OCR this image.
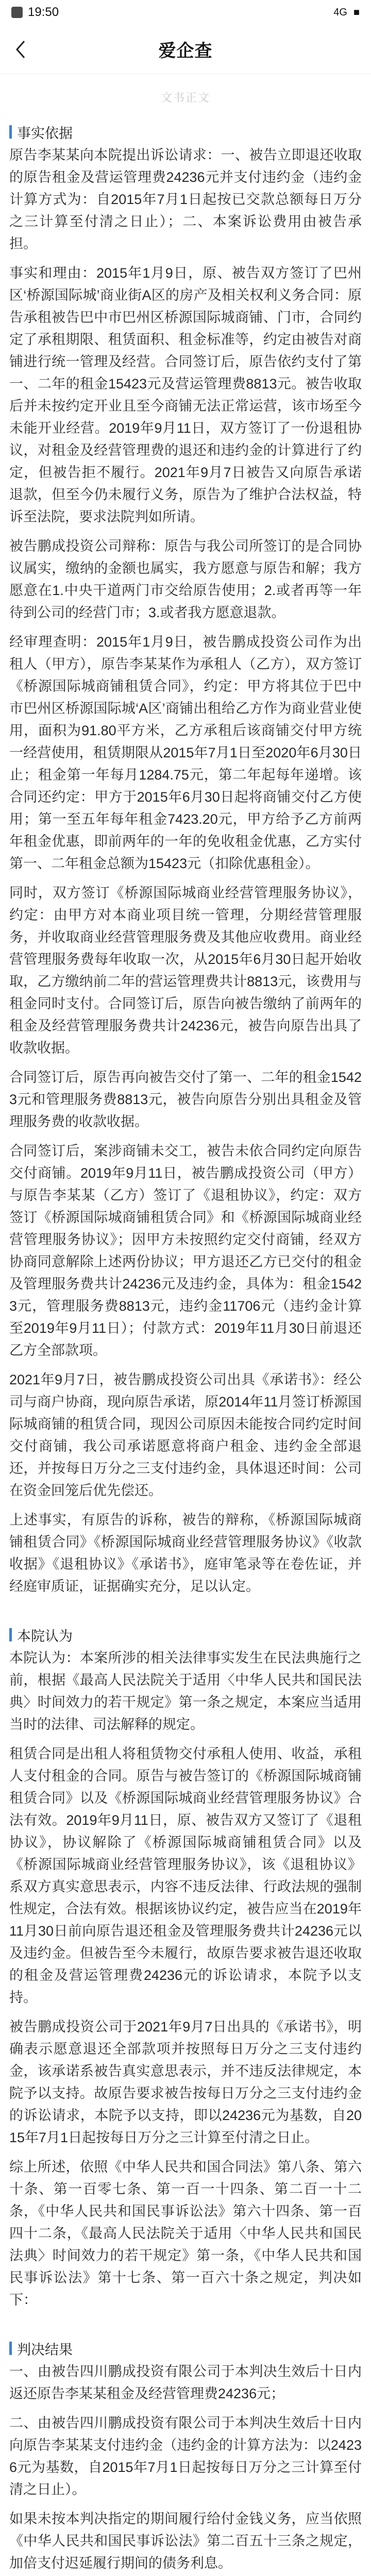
19:50	4G ■
爱企查
文书正文
事实依据

原告李某某向本院提出诉讼请求：一、被告立即退还收取的原告租金及营运管理费24236元并支付违约金（违约金计算方式为：自2015年7月1日起按已交款总额每日万分之三计算至付清之日止）；二、本案诉讼费用由被告承担。

事实和理由：2015年1月9日，原、被告双方签订了巴州区‘桥源国际城’商业街A区的房产及相关权利义务合同：原告承租被告巴中市巴州区桥源国际城商铺、门市，合同约定了承租期限、租赁面积、租金标准等，约定由被告对商铺进行统一管理及经营。合同签订后，原告依约支付了第一、二年的租金15423元及营运管理费8813元。被告收取后并未按约定开业且至今商铺无法正常运营，该市场至今未能开业经营。2019年9月11日，双方签订了一份退租协议，对租金及经营管理费的退还和违约金的计算进行了约定，但被告拒不履行。2021年9月7日被告又向原告承诺退款，但至今仍未履行义务，原告为了维护合法权益，特诉至法院，要求法院判如所请。

被告鹏成投资公司辩称：原告与我公司所签订的是合同协议属实，缴纳的金额也属实，我方愿意与原告和解；我方愿意在1.中央干道两门市交给原告使用；2.或者再等一年待到公司的经营门市；3.或者我方愿意退款。

经审理查明：2015年1月9日，被告鹏成投资公司作为出租人（甲方），原告李某某作为承租人（乙方），双方签订《桥源国际城商铺租赁合同》，约定：甲方将其位于巴中市巴州区桥源国际城‘A区’商铺出租给乙方作为商业营业使用，面积为91.80平方米，乙方承租后该商铺交付甲方统一经营使用，租赁期限从2015年7月1日至2020年6月30日止；租金第一年每月1284.75元，第二年起每年递增。该合同还约定：甲方于2015年6月30日起将商铺交付乙方使用；第一至五年每年租金7423.20元，甲方给予乙方前两年租金优惠，即前两年的一年的免收租金优惠，乙方实付第一、二年租金总额为15423元（扣除优惠租金）。

同时，双方签订《桥源国际城商业经营管理服务协议》，约定：由甲方对本商业项目统一管理，分期经营管理服务，并收取商业经营管理服务费及其他应收费用。商业经营管理服务费每年收取一次，从2015年6月30日起开始收取，乙方缴纳前二年的营运管理费共计8813元，该费用与租金同时支付。合同签订后，原告向被告缴纳了前两年的租金及经营管理服务费共计24236元，被告向原告出具了收款收据。

合同签订后，原告再向被告交付了第一、二年的租金15423元和管理服务费8813元，被告向原告分别出具租金及管理服务费的收款收据。

合同签订后，案涉商铺未交工，被告未依合同约定向原告交付商铺。2019年9月11日，被告鹏成投资公司（甲方）与原告李某某（乙方）签订了《退租协议》，约定：双方签订《桥源国际城商铺租赁合同》和《桥源国际城商业经营管理服务协议》；因甲方未按照约定交付商铺，经双方协商同意解除上述两份协议；甲方退还乙方已交付的租金及管理服务费共计24236元及违约金，具体为：租金15423元，管理服务费8813元，违约金11706元（违约金计算至2019年9月11日）；付款方式：2019年11月30日前退还乙方全部款项。

2021年9月7日，被告鹏成投资公司出具《承诺书》：经公司与商户协商，现向原告承诺，原2014年11月签订桥源国际城商铺的租赁合同，现因公司原因未能按合同约定时间交付商铺，我公司承诺愿意将商户租金、违约金全部退还，并按每日万分之三支付违约金，具体退还时间：公司在资金回笼后优先偿还。

上述事实，有原告的诉称，被告的辩称，《桥源国际城商铺租赁合同》《桥源国际城商业经营管理服务协议》《收款收据》《退租协议》《承诺书》，庭审笔录等在卷佐证，并经庭审质证，证据确实充分，足以认定。

本院认为

本院认为：本案所涉的相关法律事实发生在民法典施行之前，根据《最高人民法院关于适用〈中华人民共和国民法典〉时间效力的若干规定》第一条之规定，本案应当适用当时的法律、司法解释的规定。

租赁合同是出租人将租赁物交付承租人使用、收益，承租人支付租金的合同。原告与被告签订的《桥源国际城商铺租赁合同》以及《桥源国际城商业经营管理服务协议》合法有效。2019年9月11日，原、被告双方又签订了《退租协议》，协议解除了《桥源国际城商铺租赁合同》以及《桥源国际城商业经营管理服务协议》，该《退租协议》系双方真实意思表示，内容不违反法律、行政法规的强制性规定，合法有效。根据该协议约定，被告应当在2019年11月30日前向原告退还租金及管理服务费共计24236元以及违约金。但被告至今未履行，故原告要求被告退还收取的租金及营运管理费24236元的诉讼请求，本院予以支持。

被告鹏成投资公司于2021年9月7日出具的《承诺书》，明确表示愿意退还全部款项并按照每日万分之三支付违约金，该承诺系被告真实意思表示，并不违反法律规定，本院予以支持。故原告要求被告按每日万分之三支付违约金的诉讼请求，本院予以支持，即以24236元为基数，自2015年7月1日起按每日万分之三计算至付清之日止。

综上所述，依照《中华人民共和国合同法》第八条、第六十条、第一百零七条、第一百一十四条、第二百一十二条，《中华人民共和国民事诉讼法》第六十四条、第一百四十二条，《最高人民法院关于适用〈中华人民共和国民法典〉时间效力的若干规定》第一条，《中华人民共和国民事诉讼法》第十七条、第一百六十条之规定，判决如下：

判决结果

一、由被告四川鹏成投资有限公司于本判决生效后十日内返还原告李某某租金及经营管理费24236元；

二、由被告四川鹏成投资有限公司于本判决生效后十日内向原告李某某支付违约金（违约金的计算方法为：以24236元为基数，自2015年7月1日起按每日万分之三计算至付清之日止）。

如果未按本判决指定的期间履行给付金钱义务，应当依照《中华人民共和国民事诉讼法》第二百五十三条之规定，加倍支付迟延履行期间的债务利息。
